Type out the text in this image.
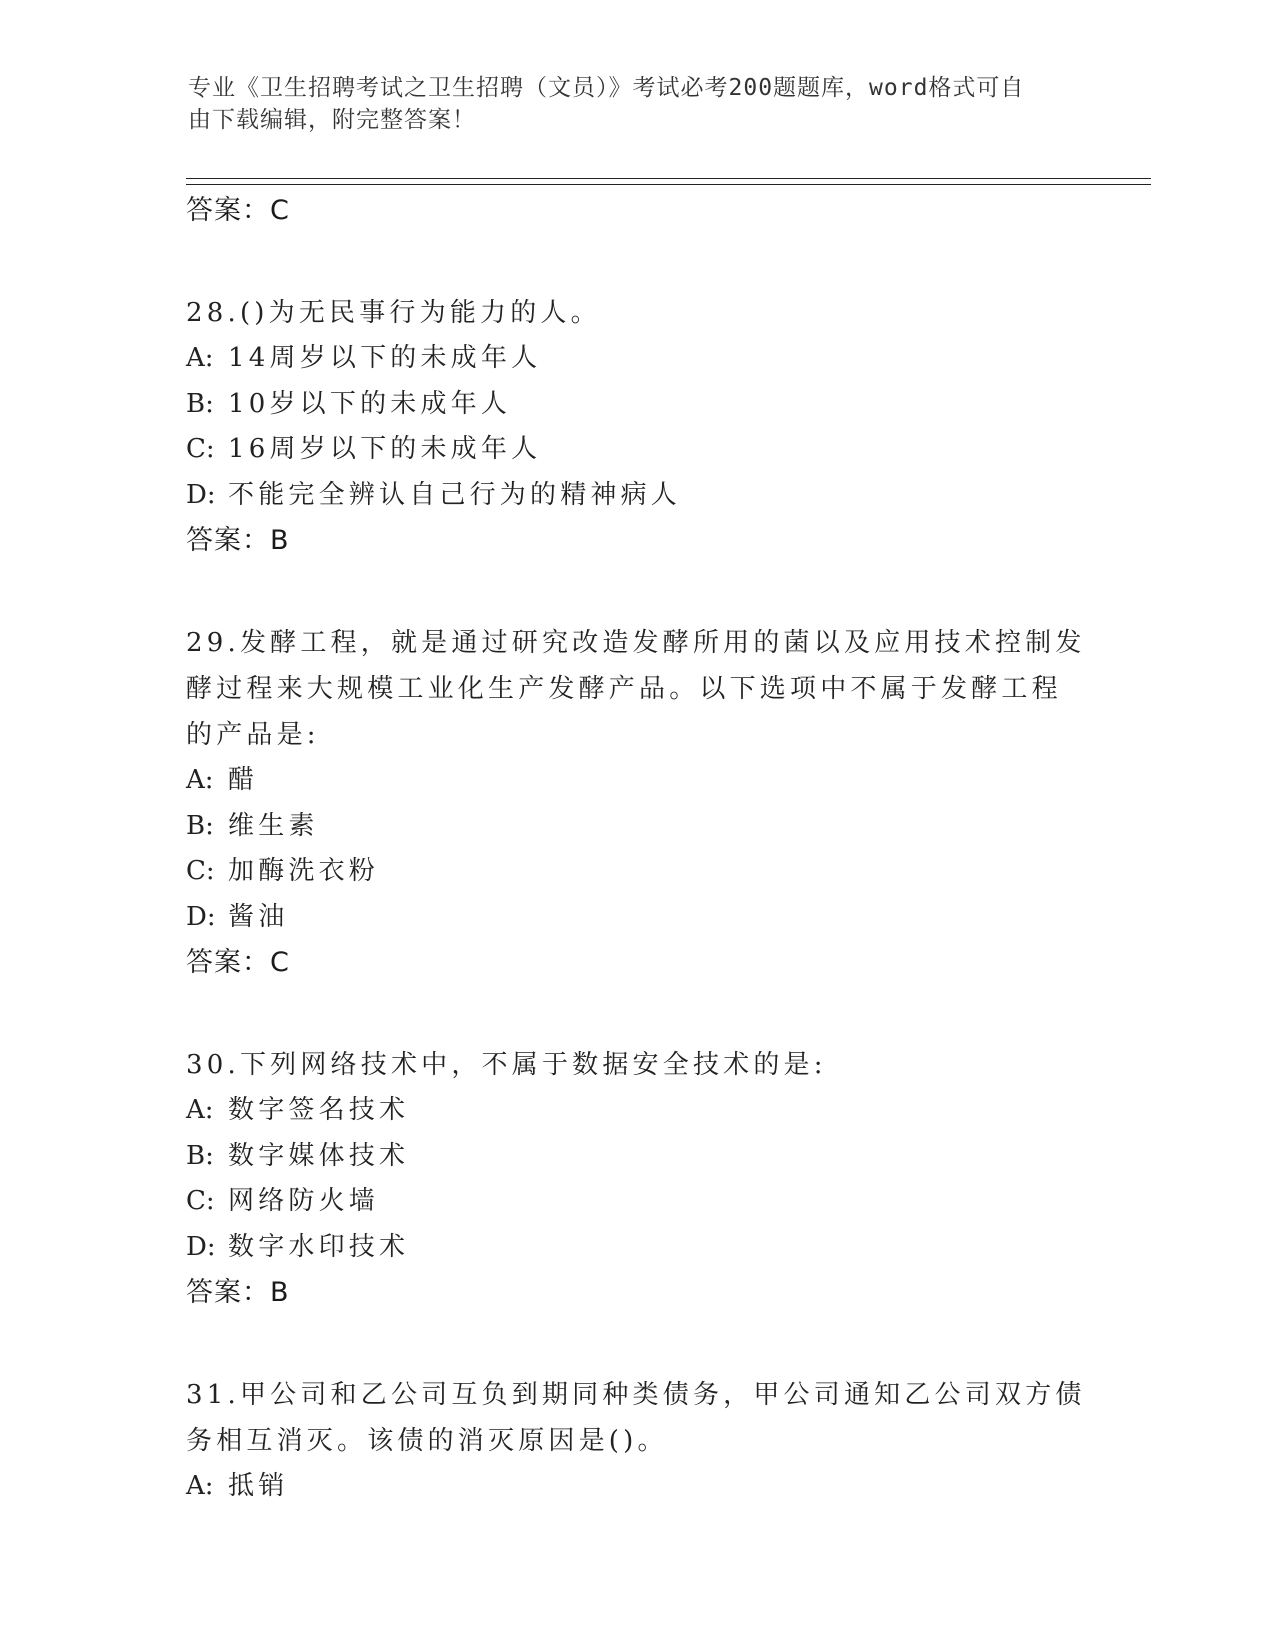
专业《卫生招聘考试之卫生招聘（文员）》考试必考200题题库，word格式可自
由下载编辑，附完整答案！
答案：C
28.()为无民事行为能力的人。
A: 14周岁以下的未成年人
B: 10岁以下的未成年人
C: 16周岁以下的未成年人
D: 不能完全辨认自己行为的精神病人
答案：B
29.发酵工程，就是通过研究改造发酵所用的菌以及应用技术控制发酵过程来大规模工业化生产发酵产品。以下选项中不属于发酵工程的产品是:
A: 醋
B: 维生素
C: 加酶洗衣粉
D: 酱油
答案：C
30.下列网络技术中，不属于数据安全技术的是:
A: 数字签名技术
B: 数字媒体技术
C: 网络防火墙
D: 数字水印技术
答案：B
31.甲公司和乙公司互负到期同种类债务，甲公司通知乙公司双方债务相互消灭。该债的消灭原因是()。
A: 抵销
